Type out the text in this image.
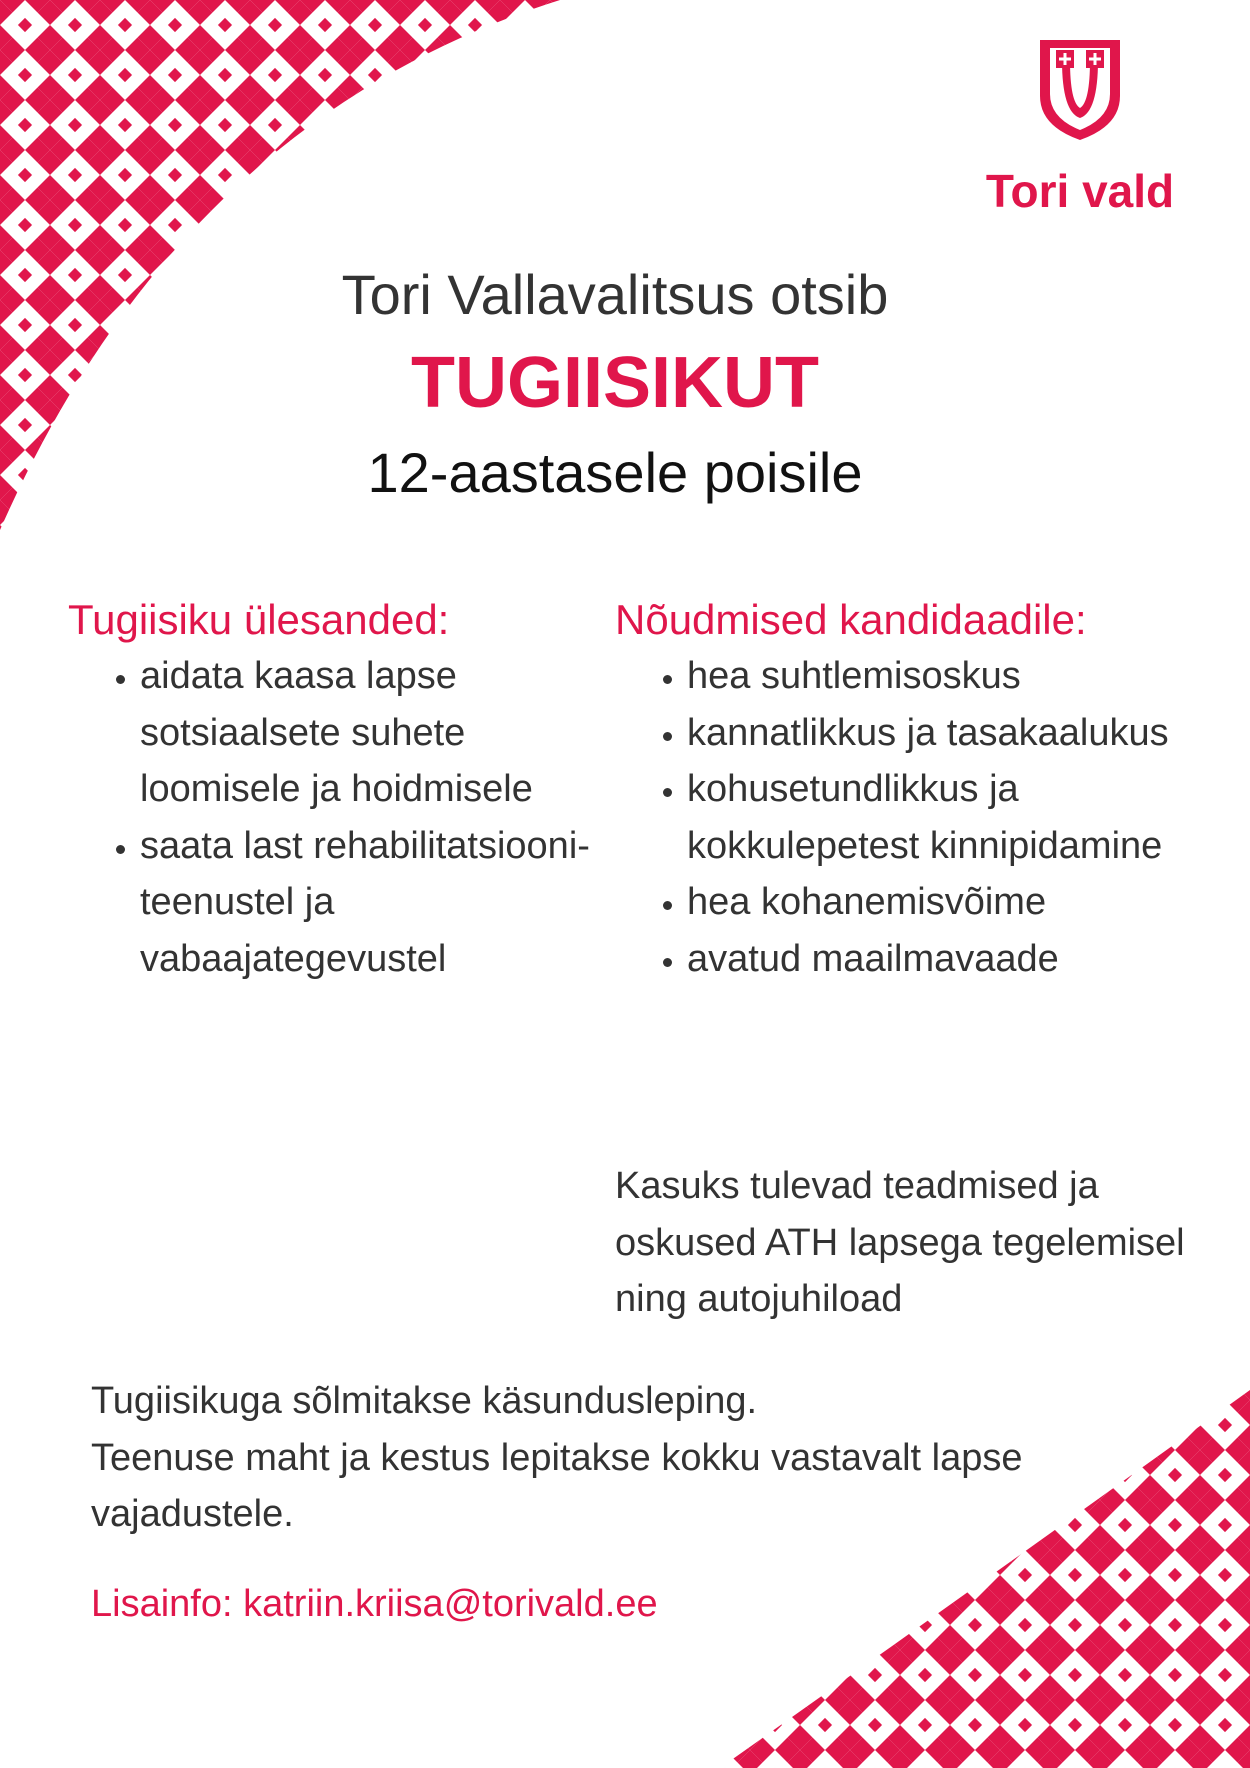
Tori vald
Tori Vallavalitsus otsib
TUGIISIKUT
12-aastasele poisile
Tugiisiku ülesanded:
• aidata kaasa lapse sotsiaalsete suhete loomisele ja hoidmisele
• saata last rehabilitatsiooni-teenustel ja vabaajategevustel
Nõudmised kandidaadile:
• hea suhtlemisoskus
• kannatlikkus ja tasakaalukus
• kohusetundlikkus ja kokkulepetest kinnipidamine
• hea kohanemisvõime
• avatud maailmavaade
Kasuks tulevad teadmised ja oskused ATH lapsega tegelemisel ning autojuhiload

Tugiisikuga sõlmitakse käsundusleping.

Teenuse maht ja kestus lepitakse kokku vastavalt lapse vajadustele.

Lisainfo: katriin.kriisa@torivald.ee
